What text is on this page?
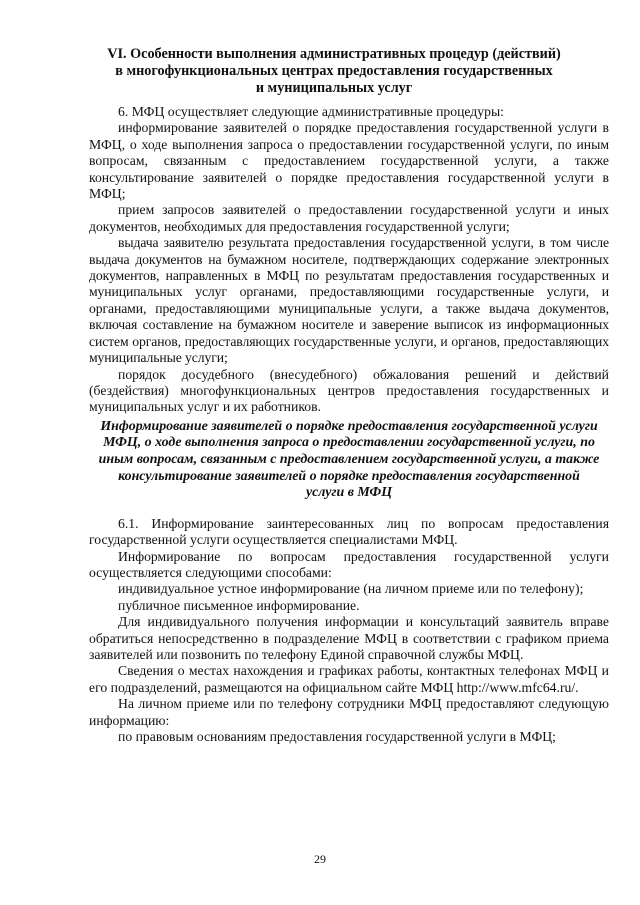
VI. Особенности выполнения административных процедур (действий)
в многофункциональных центрах предоставления государственных
и муниципальных услуг

6. МФЦ осуществляет следующие административные процедуры:

информирование заявителей о порядке предоставления государственной услуги в МФЦ, о ходе выполнения запроса о предоставлении государственной услуги, по иным вопросам, связанным с предоставлением государственной услуги, а также консультирование заявителей о порядке предоставления государственной услуги в МФЦ;

прием запросов заявителей о предоставлении государственной услуги и иных документов, необходимых для предоставления государственной услуги;

выдача заявителю результата предоставления государственной услуги, в том числе выдача документов на бумажном носителе, подтверждающих содержание электронных документов, направленных в МФЦ по результатам предоставления государственных и муниципальных услуг органами, предоставляющими государственные услуги, и органами, предоставляющими муниципальные услуги, а также выдача документов, включая составление на бумажном носителе и заверение выписок из информационных систем органов, предоставляющих государственные услуги, и органов, предоставляющих муниципальные услуги;

порядок досудебного (внесудебного) обжалования решений и действий (бездействия) многофункциональных центров предоставления государственных и муниципальных услуг и их работников.

Информирование заявителей о порядке предоставления государственной услуги
МФЦ, о ходе выполнения запроса о предоставлении государственной услуги, по
иным вопросам, связанным с предоставлением государственной услуги, а также
консультирование заявителей о порядке предоставления государственной
услуги в МФЦ

6.1. Информирование заинтересованных лиц по вопросам предоставления государственной услуги осуществляется специалистами МФЦ.

Информирование по вопросам предоставления государственной услуги осуществляется следующими способами:

индивидуальное устное информирование (на личном приеме или по телефону);

публичное письменное информирование.

Для индивидуального получения информации и консультаций заявитель вправе обратиться непосредственно в подразделение МФЦ в соответствии с графиком приема заявителей или позвонить по телефону Единой справочной службы МФЦ.

Сведения о местах нахождения и графиках работы, контактных телефонах МФЦ и его подразделений, размещаются на официальном сайте МФЦ http://www.mfc64.ru/.

На личном приеме или по телефону сотрудники МФЦ предоставляют следующую информацию:

по правовым основаниям предоставления государственной услуги в МФЦ;

29
